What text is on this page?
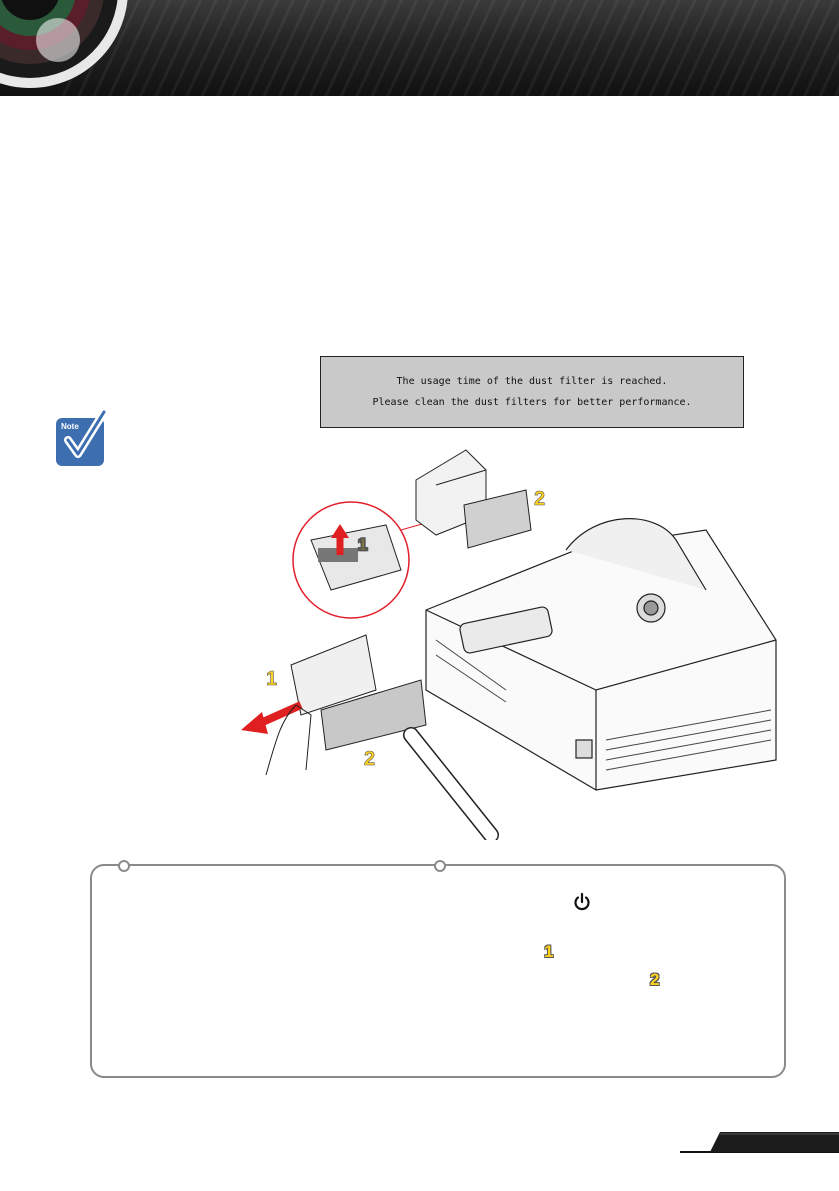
The usage time of the dust filter is reached.
Please clean the dust filters for better performance.
Note
1
2
1
2
1
2
